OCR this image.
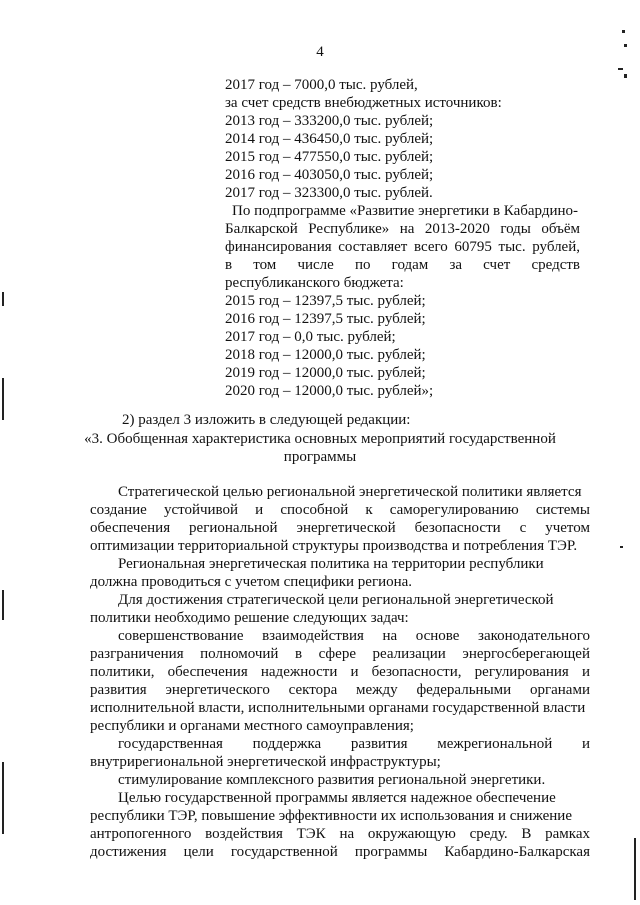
4
2017 год – 7000,0 тыс. рублей,
за счет средств внебюджетных источников:
2013 год – 333200,0 тыс. рублей;
2014 год – 436450,0 тыс. рублей;
2015 год – 477550,0 тыс. рублей;
2016 год – 403050,0 тыс. рублей;
2017 год – 323300,0 тыс. рублей.
По подпрограмме «Развитие энергетики в Кабардино-
Балкарской Республике» на 2013-2020 годы объём
финансирования составляет всего 60795 тыс. рублей,
в том числе по годам за счет средств
республиканского бюджета:
2015 год – 12397,5 тыс. рублей;
2016 год – 12397,5 тыс. рублей;
2017 год – 0,0 тыс. рублей;
2018 год – 12000,0 тыс. рублей;
2019 год – 12000,0 тыс. рублей;
2020 год – 12000,0 тыс. рублей»;
2) раздел 3 изложить в следующей редакции:
«3. Обобщенная характеристика основных мероприятий государственной
программы
Стратегической целью региональной энергетической политики является
создание устойчивой и способной к саморегулированию системы
обеспечения региональной энергетической безопасности с учетом
оптимизации территориальной структуры производства и потребления ТЭР.
Региональная энергетическая политика на территории республики
должна проводиться с учетом специфики региона.
Для достижения стратегической цели региональной энергетической
политики необходимо решение следующих задач:
совершенствование взаимодействия на основе законодательного
разграничения полномочий в сфере реализации энергосберегающей
политики, обеспечения надежности и безопасности, регулирования и
развития энергетического сектора между федеральными органами
исполнительной власти, исполнительными органами государственной власти
республики и органами местного самоуправления;
государственная поддержка развития межрегиональной и
внутрирегиональной энергетической инфраструктуры;
стимулирование комплексного развития региональной энергетики.
Целью государственной программы является надежное обеспечение
республики ТЭР, повышение эффективности их использования и снижение
антропогенного воздействия ТЭК на окружающую среду. В рамках
достижения цели государственной программы Кабардино-Балкарская
